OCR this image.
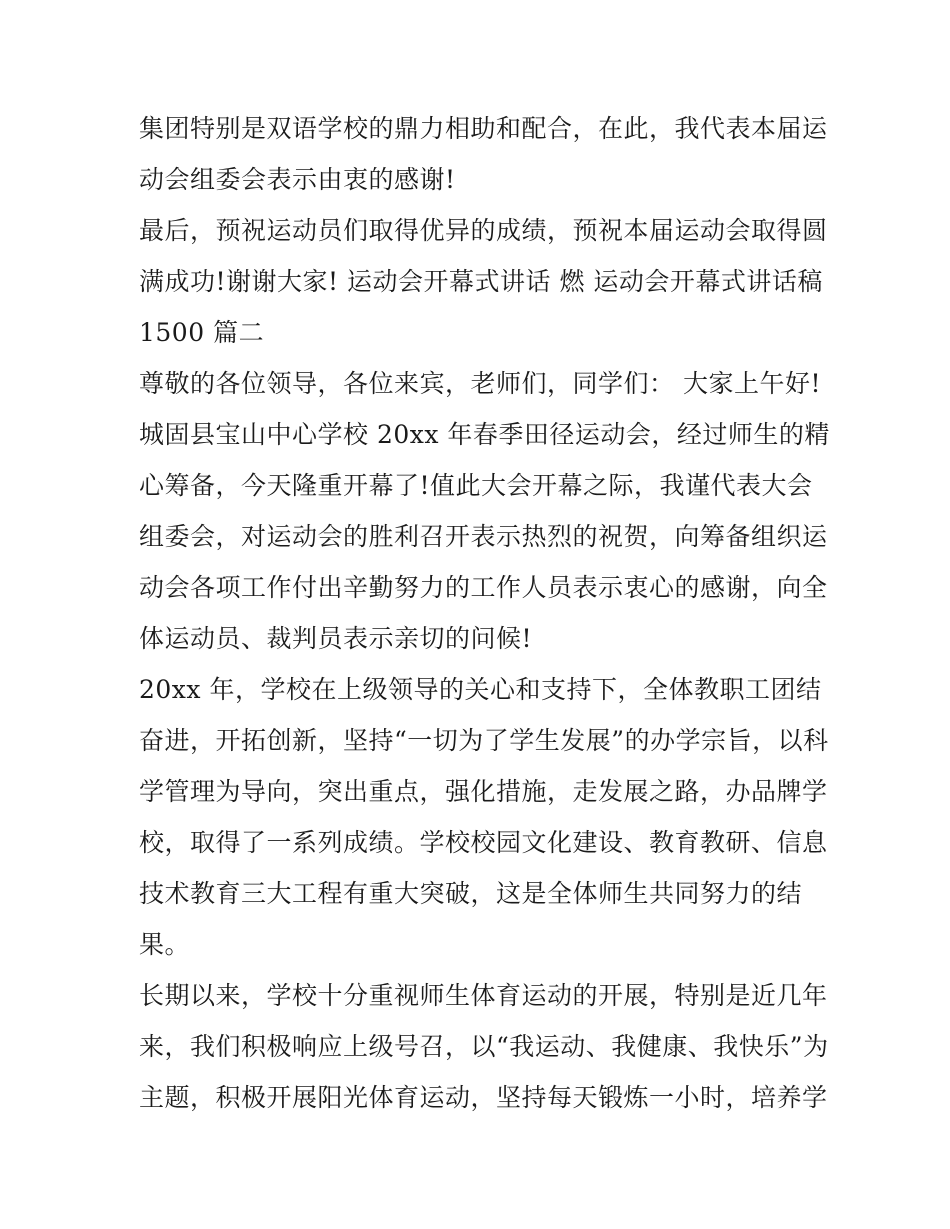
集团特别是双语学校的鼎力相助和配合，在此，我代表本届运
动会组委会表示由衷的感谢!
最后，预祝运动员们取得优异的成绩，预祝本届运动会取得圆
满成功!谢谢大家! 运动会开幕式讲话 燃 运动会开幕式讲话稿
1500 篇二
尊敬的各位领导，各位来宾，老师们，同学们： 大家上午好!
城固县宝山中心学校 20xx 年春季田径运动会，经过师生的精
心筹备，今天隆重开幕了!值此大会开幕之际，我谨代表大会
组委会，对运动会的胜利召开表示热烈的祝贺，向筹备组织运
动会各项工作付出辛勤努力的工作人员表示衷心的感谢，向全
体运动员、裁判员表示亲切的问候!
20xx 年，学校在上级领导的关心和支持下，全体教职工团结
奋进，开拓创新，坚持“一切为了学生发展”的办学宗旨，以科
学管理为导向，突出重点，强化措施，走发展之路，办品牌学
校，取得了一系列成绩。学校校园文化建设、教育教研、信息
技术教育三大工程有重大突破，这是全体师生共同努力的结
果。
长期以来，学校十分重视师生体育运动的开展，特别是近几年
来，我们积极响应上级号召，以“我运动、我健康、我快乐”为
主题，积极开展阳光体育运动，坚持每天锻炼一小时，培养学
